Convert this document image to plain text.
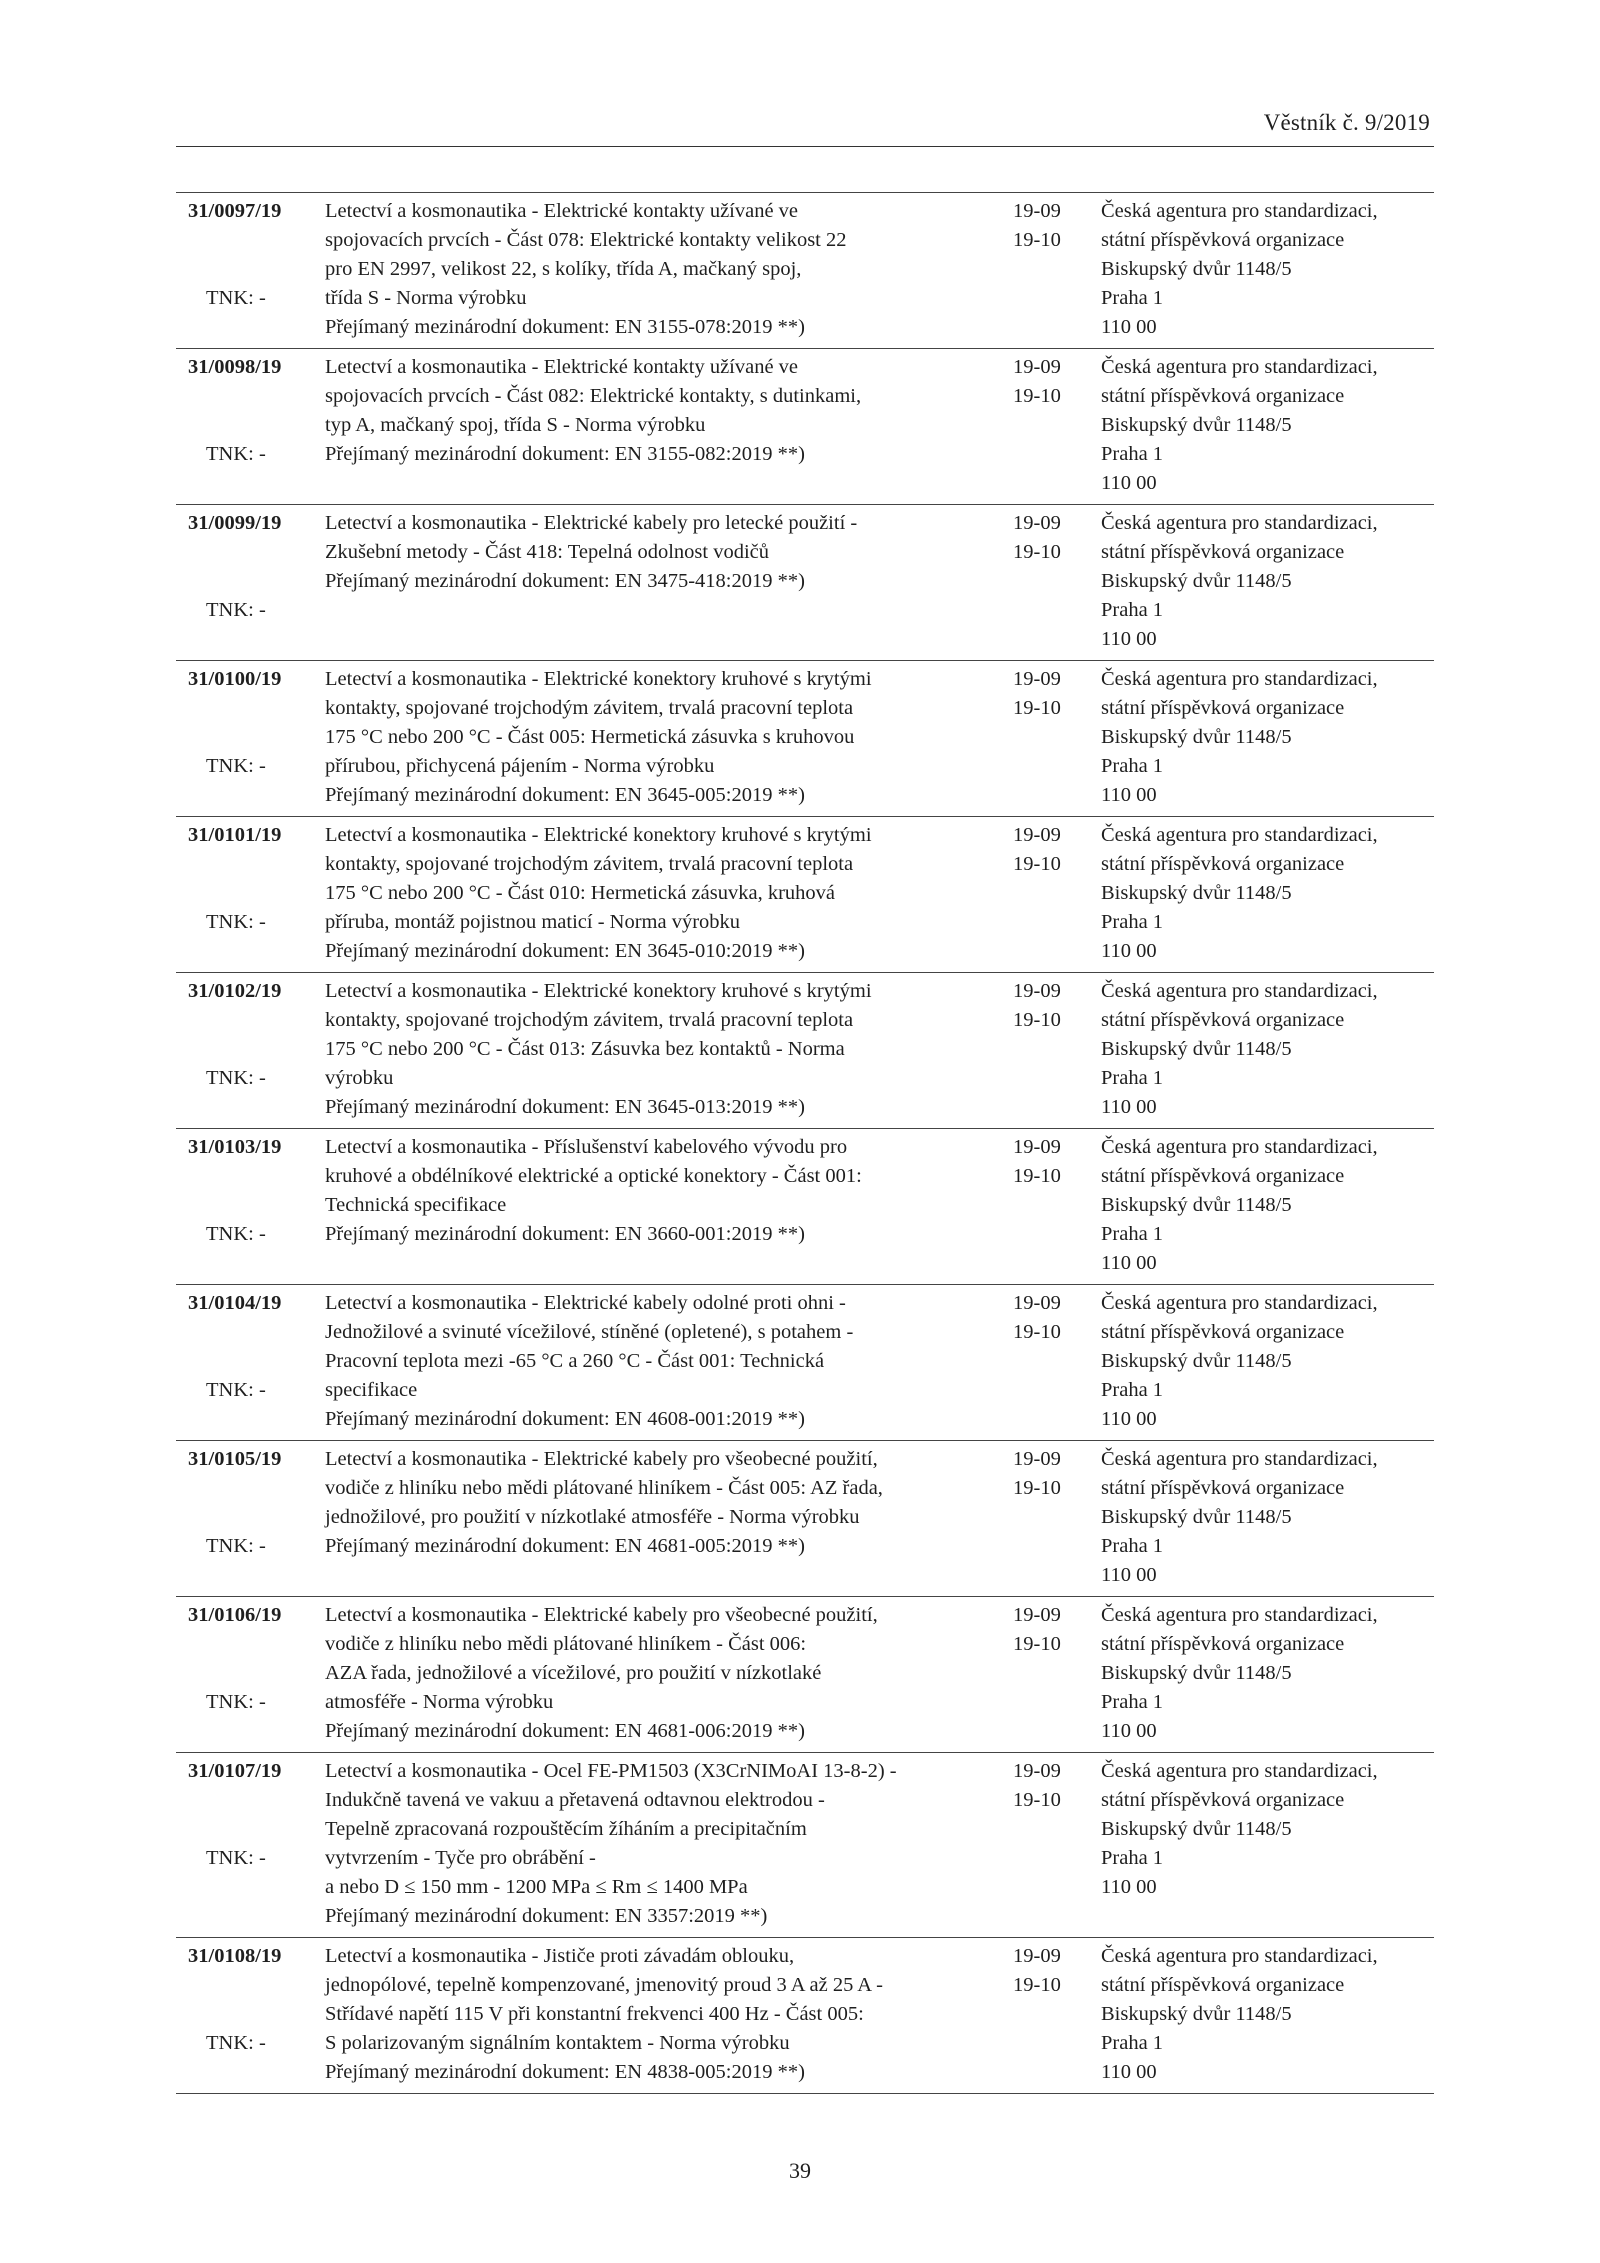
Věstník č. 9/2019
31/0097/19
TNK: -
Letectví a kosmonautika - Elektrické kontakty užívané ve
spojovacích prvcích - Část 078: Elektrické kontakty velikost 22
pro EN 2997, velikost 22, s kolíky, třída A, mačkaný spoj,
třída S - Norma výrobku
Přejímaný mezinárodní dokument: EN 3155-078:2019 **)
19-09
19-10
Česká agentura pro standardizaci,
státní příspěvková organizace
Biskupský dvůr 1148/5
Praha 1
110 00
31/0098/19
TNK: -
Letectví a kosmonautika - Elektrické kontakty užívané ve
spojovacích prvcích - Část 082: Elektrické kontakty, s dutinkami,
typ A, mačkaný spoj, třída S - Norma výrobku
Přejímaný mezinárodní dokument: EN 3155-082:2019 **)
19-09
19-10
Česká agentura pro standardizaci,
státní příspěvková organizace
Biskupský dvůr 1148/5
Praha 1
110 00
31/0099/19
TNK: -
Letectví a kosmonautika - Elektrické kabely pro letecké použití -
Zkušební metody - Část 418: Tepelná odolnost vodičů
Přejímaný mezinárodní dokument: EN 3475-418:2019 **)
19-09
19-10
Česká agentura pro standardizaci,
státní příspěvková organizace
Biskupský dvůr 1148/5
Praha 1
110 00
31/0100/19
TNK: -
Letectví a kosmonautika - Elektrické konektory kruhové s krytými
kontakty, spojované trojchodým závitem, trvalá pracovní teplota
175 °C nebo 200 °C - Část 005: Hermetická zásuvka s kruhovou
přírubou, přichycená pájením - Norma výrobku
Přejímaný mezinárodní dokument: EN 3645-005:2019 **)
19-09
19-10
Česká agentura pro standardizaci,
státní příspěvková organizace
Biskupský dvůr 1148/5
Praha 1
110 00
31/0101/19
TNK: -
Letectví a kosmonautika - Elektrické konektory kruhové s krytými
kontakty, spojované trojchodým závitem, trvalá pracovní teplota
175 °C nebo 200 °C - Část 010: Hermetická zásuvka, kruhová
příruba, montáž pojistnou maticí - Norma výrobku
Přejímaný mezinárodní dokument: EN 3645-010:2019 **)
19-09
19-10
Česká agentura pro standardizaci,
státní příspěvková organizace
Biskupský dvůr 1148/5
Praha 1
110 00
31/0102/19
TNK: -
Letectví a kosmonautika - Elektrické konektory kruhové s krytými
kontakty, spojované trojchodým závitem, trvalá pracovní teplota
175 °C nebo 200 °C - Část 013: Zásuvka bez kontaktů - Norma
výrobku
Přejímaný mezinárodní dokument: EN 3645-013:2019 **)
19-09
19-10
Česká agentura pro standardizaci,
státní příspěvková organizace
Biskupský dvůr 1148/5
Praha 1
110 00
31/0103/19
TNK: -
Letectví a kosmonautika - Příslušenství kabelového vývodu pro
kruhové a obdélníkové elektrické a optické konektory - Část 001:
Technická specifikace
Přejímaný mezinárodní dokument: EN 3660-001:2019 **)
19-09
19-10
Česká agentura pro standardizaci,
státní příspěvková organizace
Biskupský dvůr 1148/5
Praha 1
110 00
31/0104/19
TNK: -
Letectví a kosmonautika - Elektrické kabely odolné proti ohni -
Jednožilové a svinuté vícežilové, stíněné (opletené), s potahem -
Pracovní teplota mezi -65 °C a 260 °C - Část 001: Technická
specifikace
Přejímaný mezinárodní dokument: EN 4608-001:2019 **)
19-09
19-10
Česká agentura pro standardizaci,
státní příspěvková organizace
Biskupský dvůr 1148/5
Praha 1
110 00
31/0105/19
TNK: -
Letectví a kosmonautika - Elektrické kabely pro všeobecné použití,
vodiče z hliníku nebo mědi plátované hliníkem - Část 005: AZ řada,
jednožilové, pro použití v nízkotlaké atmosféře - Norma výrobku
Přejímaný mezinárodní dokument: EN 4681-005:2019 **)
19-09
19-10
Česká agentura pro standardizaci,
státní příspěvková organizace
Biskupský dvůr 1148/5
Praha 1
110 00
31/0106/19
TNK: -
Letectví a kosmonautika - Elektrické kabely pro všeobecné použití,
vodiče z hliníku nebo mědi plátované hliníkem - Část 006:
AZA řada, jednožilové a vícežilové, pro použití v nízkotlaké
atmosféře - Norma výrobku
Přejímaný mezinárodní dokument: EN 4681-006:2019 **)
19-09
19-10
Česká agentura pro standardizaci,
státní příspěvková organizace
Biskupský dvůr 1148/5
Praha 1
110 00
31/0107/19
TNK: -
Letectví a kosmonautika - Ocel FE-PM1503 (X3CrNIMoAI 13-8-2) -
Indukčně tavená ve vakuu a přetavená odtavnou elektrodou -
Tepelně zpracovaná rozpouštěcím žíháním a precipitačním
vytvrzením - Tyče pro obrábění -
a nebo D ≤ 150 mm - 1200 MPa ≤ Rm ≤ 1400 MPa
Přejímaný mezinárodní dokument: EN 3357:2019 **)
19-09
19-10
Česká agentura pro standardizaci,
státní příspěvková organizace
Biskupský dvůr 1148/5
Praha 1
110 00
31/0108/19
TNK: -
Letectví a kosmonautika - Jističe proti závadám oblouku,
jednopólové, tepelně kompenzované, jmenovitý proud 3 A až 25 A -
Střídavé napětí 115 V při konstantní frekvenci 400 Hz - Část 005:
S polarizovaným signálním kontaktem - Norma výrobku
Přejímaný mezinárodní dokument: EN 4838-005:2019 **)
19-09
19-10
Česká agentura pro standardizaci,
státní příspěvková organizace
Biskupský dvůr 1148/5
Praha 1
110 00
39
